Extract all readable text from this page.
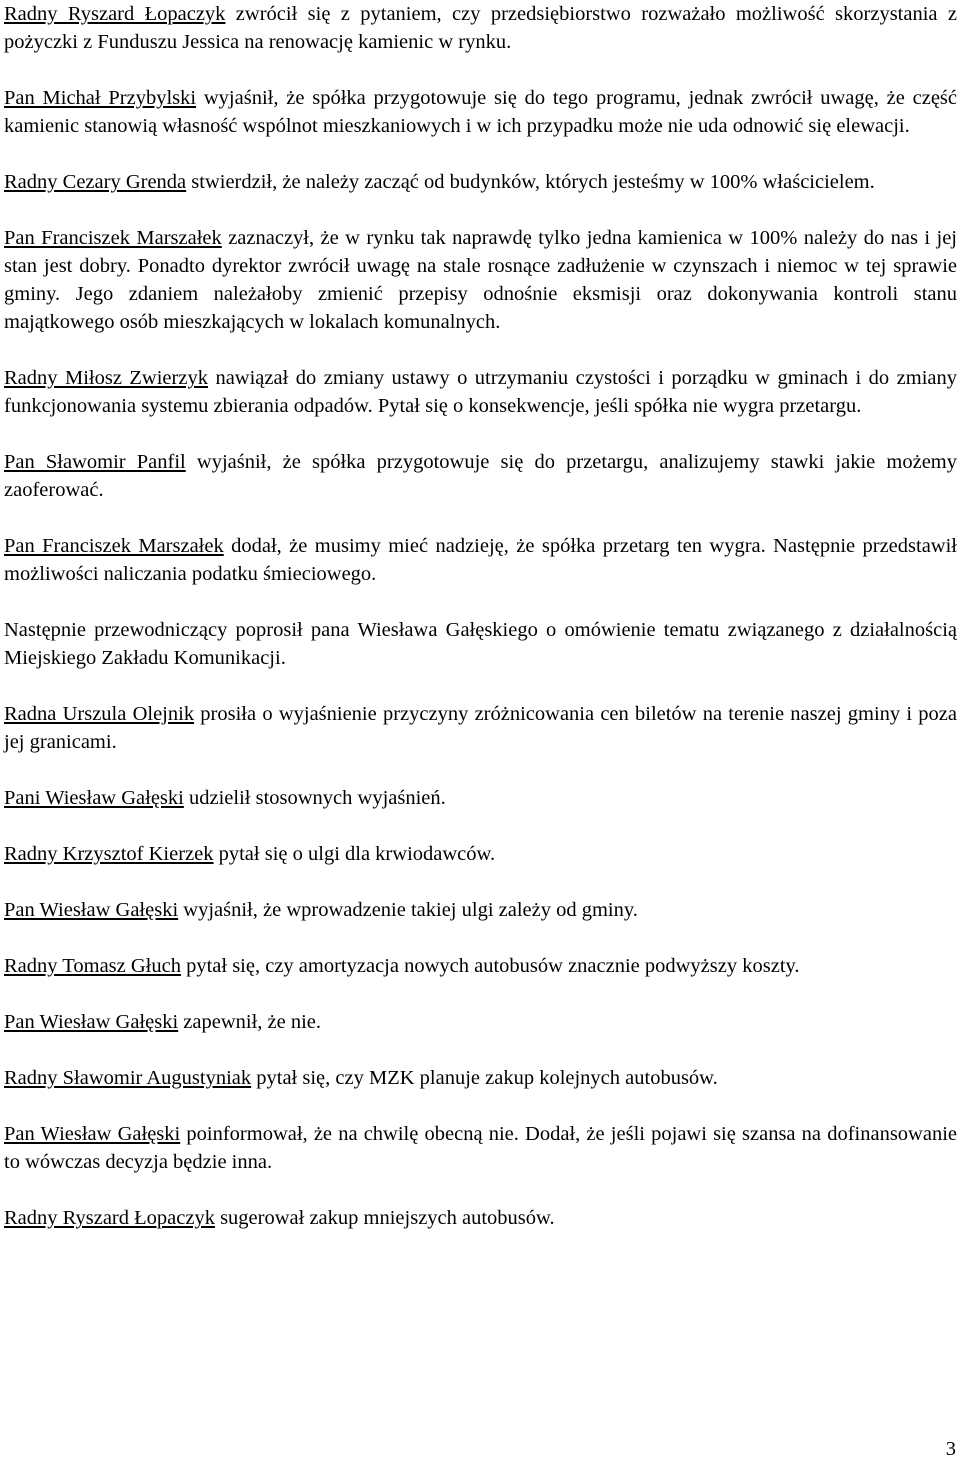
Radny Ryszard Łopaczyk zwrócił się z pytaniem, czy przedsiębiorstwo rozważało możliwość skorzystania z pożyczki z Funduszu Jessica na renowację kamienic w rynku.

Pan Michał Przybylski wyjaśnił, że spółka przygotowuje się do tego programu, jednak zwrócił uwagę, że część kamienic stanowią własność wspólnot mieszkaniowych i w ich przypadku może nie uda odnowić się elewacji.

Radny Cezary Grenda stwierdził, że należy zacząć od budynków, których jesteśmy w 100% właścicielem.

Pan Franciszek Marszałek zaznaczył, że w rynku tak naprawdę tylko jedna kamienica w 100% należy do nas i jej stan jest dobry. Ponadto dyrektor zwrócił uwagę na stale rosnące zadłużenie w czynszach i niemoc w tej sprawie gminy. Jego zdaniem należałoby zmienić przepisy odnośnie eksmisji oraz dokonywania kontroli stanu majątkowego osób mieszkających w lokalach komunalnych.

Radny Miłosz Zwierzyk nawiązał do zmiany ustawy o utrzymaniu czystości i porządku w gminach i do zmiany funkcjonowania systemu zbierania odpadów. Pytał się o konsekwencje, jeśli spółka nie wygra przetargu.

Pan Sławomir Panfil wyjaśnił, że spółka przygotowuje się do przetargu, analizujemy stawki jakie możemy zaoferować.

Pan Franciszek Marszałek dodał, że musimy mieć nadzieję, że spółka przetarg ten wygra. Następnie przedstawił możliwości naliczania podatku śmieciowego.

Następnie przewodniczący poprosił pana Wiesława Gałęskiego o omówienie tematu związanego z działalnością Miejskiego Zakładu Komunikacji.

Radna Urszula Olejnik prosiła o wyjaśnienie przyczyny zróżnicowania cen biletów na terenie naszej gminy i poza jej granicami.

Pani Wiesław Gałęski udzielił stosownych wyjaśnień.

Radny Krzysztof Kierzek pytał się o ulgi dla krwiodawców.

Pan Wiesław Gałęski wyjaśnił, że wprowadzenie takiej ulgi zależy od gminy.

Radny Tomasz Głuch pytał się, czy amortyzacja nowych autobusów znacznie podwyższy koszty.

Pan Wiesław Gałęski zapewnił, że nie.

Radny Sławomir Augustyniak pytał się, czy MZK planuje zakup kolejnych autobusów.

Pan Wiesław Gałęski poinformował, że na chwilę obecną nie. Dodał, że jeśli pojawi się szansa na dofinansowanie to wówczas decyzja będzie inna.

Radny Ryszard Łopaczyk sugerował zakup mniejszych autobusów.

3
